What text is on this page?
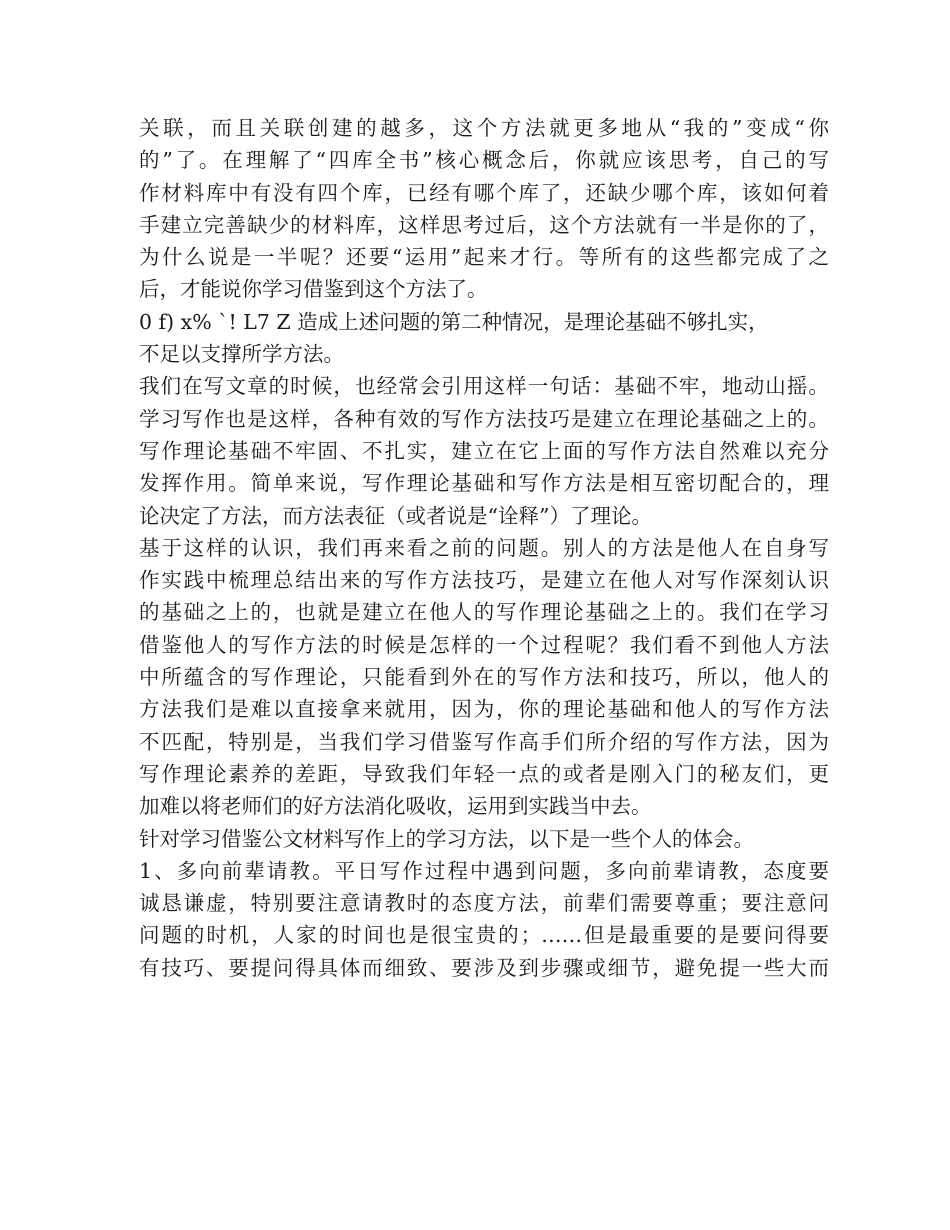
关联，而且关联创建的越多，这个方法就更多地从“我的”变成“你
的”了。在理解了“四库全书”核心概念后，你就应该思考，自己的写
作材料库中有没有四个库，已经有哪个库了，还缺少哪个库，该如何着
手建立完善缺少的材料库，这样思考过后，这个方法就有一半是你的了，
为什么说是一半呢？还要“运用”起来才行。等所有的这些都完成了之
后，才能说你学习借鉴到这个方法了。
0 f) x% `! L7 Z 造成上述问题的第二种情况，是理论基础不够扎实，
不足以支撑所学方法。
我们在写文章的时候，也经常会引用这样一句话：基础不牢，地动山摇。
学习写作也是这样，各种有效的写作方法技巧是建立在理论基础之上的。
写作理论基础不牢固、不扎实，建立在它上面的写作方法自然难以充分
发挥作用。简单来说，写作理论基础和写作方法是相互密切配合的，理
论决定了方法，而方法表征（或者说是“诠释”）了理论。
基于这样的认识，我们再来看之前的问题。别人的方法是他人在自身写
作实践中梳理总结出来的写作方法技巧，是建立在他人对写作深刻认识
的基础之上的，也就是建立在他人的写作理论基础之上的。我们在学习
借鉴他人的写作方法的时候是怎样的一个过程呢？我们看不到他人方法
中所蕴含的写作理论，只能看到外在的写作方法和技巧，所以，他人的
方法我们是难以直接拿来就用，因为，你的理论基础和他人的写作方法
不匹配，特别是，当我们学习借鉴写作高手们所介绍的写作方法，因为
写作理论素养的差距，导致我们年轻一点的或者是刚入门的秘友们，更
加难以将老师们的好方法消化吸收，运用到实践当中去。
针对学习借鉴公文材料写作上的学习方法，以下是一些个人的体会。
1、多向前辈请教。平日写作过程中遇到问题，多向前辈请教，态度要
诚恳谦虚，特别要注意请教时的态度方法，前辈们需要尊重；要注意问
问题的时机，人家的时间也是很宝贵的；……但是最重要的是要问得要
有技巧、要提问得具体而细致、要涉及到步骤或细节，避免提一些大而
